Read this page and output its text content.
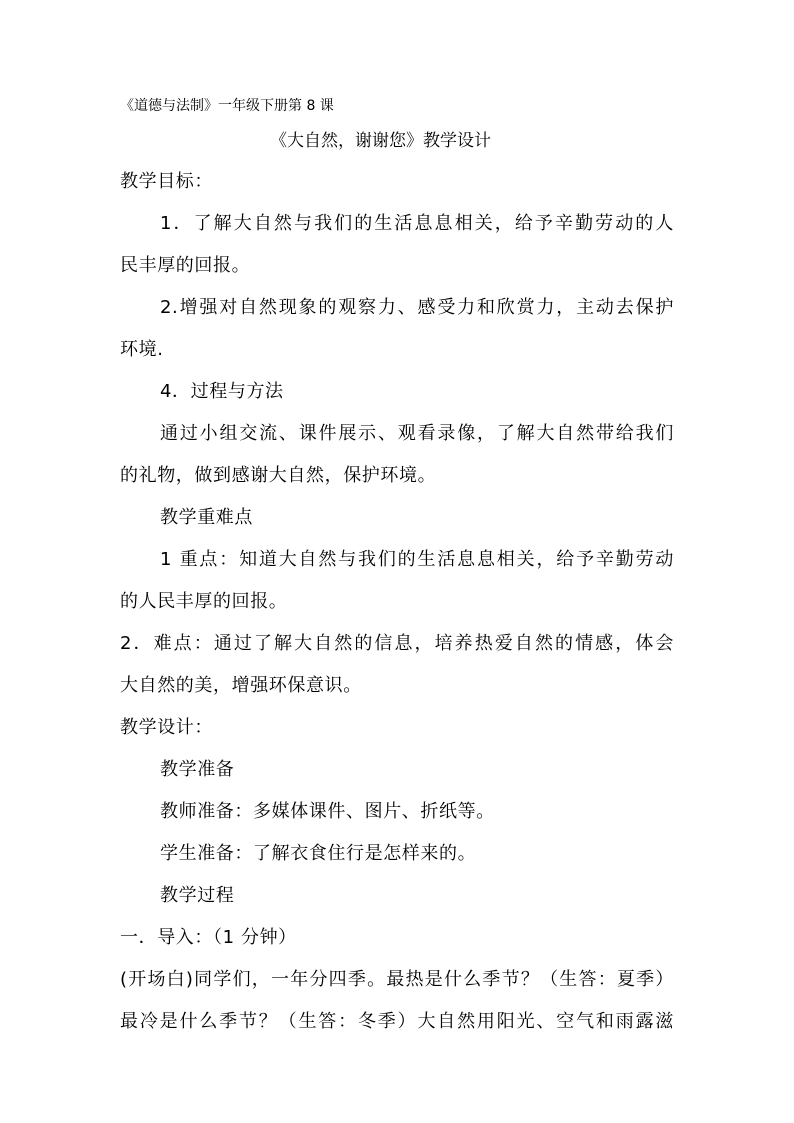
《道德与法制》一年级下册第 8 课
《大自然，谢谢您》教学设计
教学目标：
1．了解大自然与我们的生活息息相关，给予辛勤劳动的人
民丰厚的回报。
2.增强对自然现象的观察力、感受力和欣赏力，主动去保护
环境.
4．过程与方法
通过小组交流、课件展示、观看录像，了解大自然带给我们
的礼物，做到感谢大自然，保护环境。
教学重难点
1 重点：知道大自然与我们的生活息息相关，给予辛勤劳动
的人民丰厚的回报。
2．难点：通过了解大自然的信息，培养热爱自然的情感，体会
大自然的美，增强环保意识。
教学设计：
教学准备
教师准备：多媒体课件、图片、折纸等。
学生准备：了解衣食住行是怎样来的。
教学过程
一．导入：（1 分钟）
(开场白)同学们，一年分四季。最热是什么季节？（生答：夏季）
最冷是什么季节？（生答：冬季）大自然用阳光、空气和雨露滋
